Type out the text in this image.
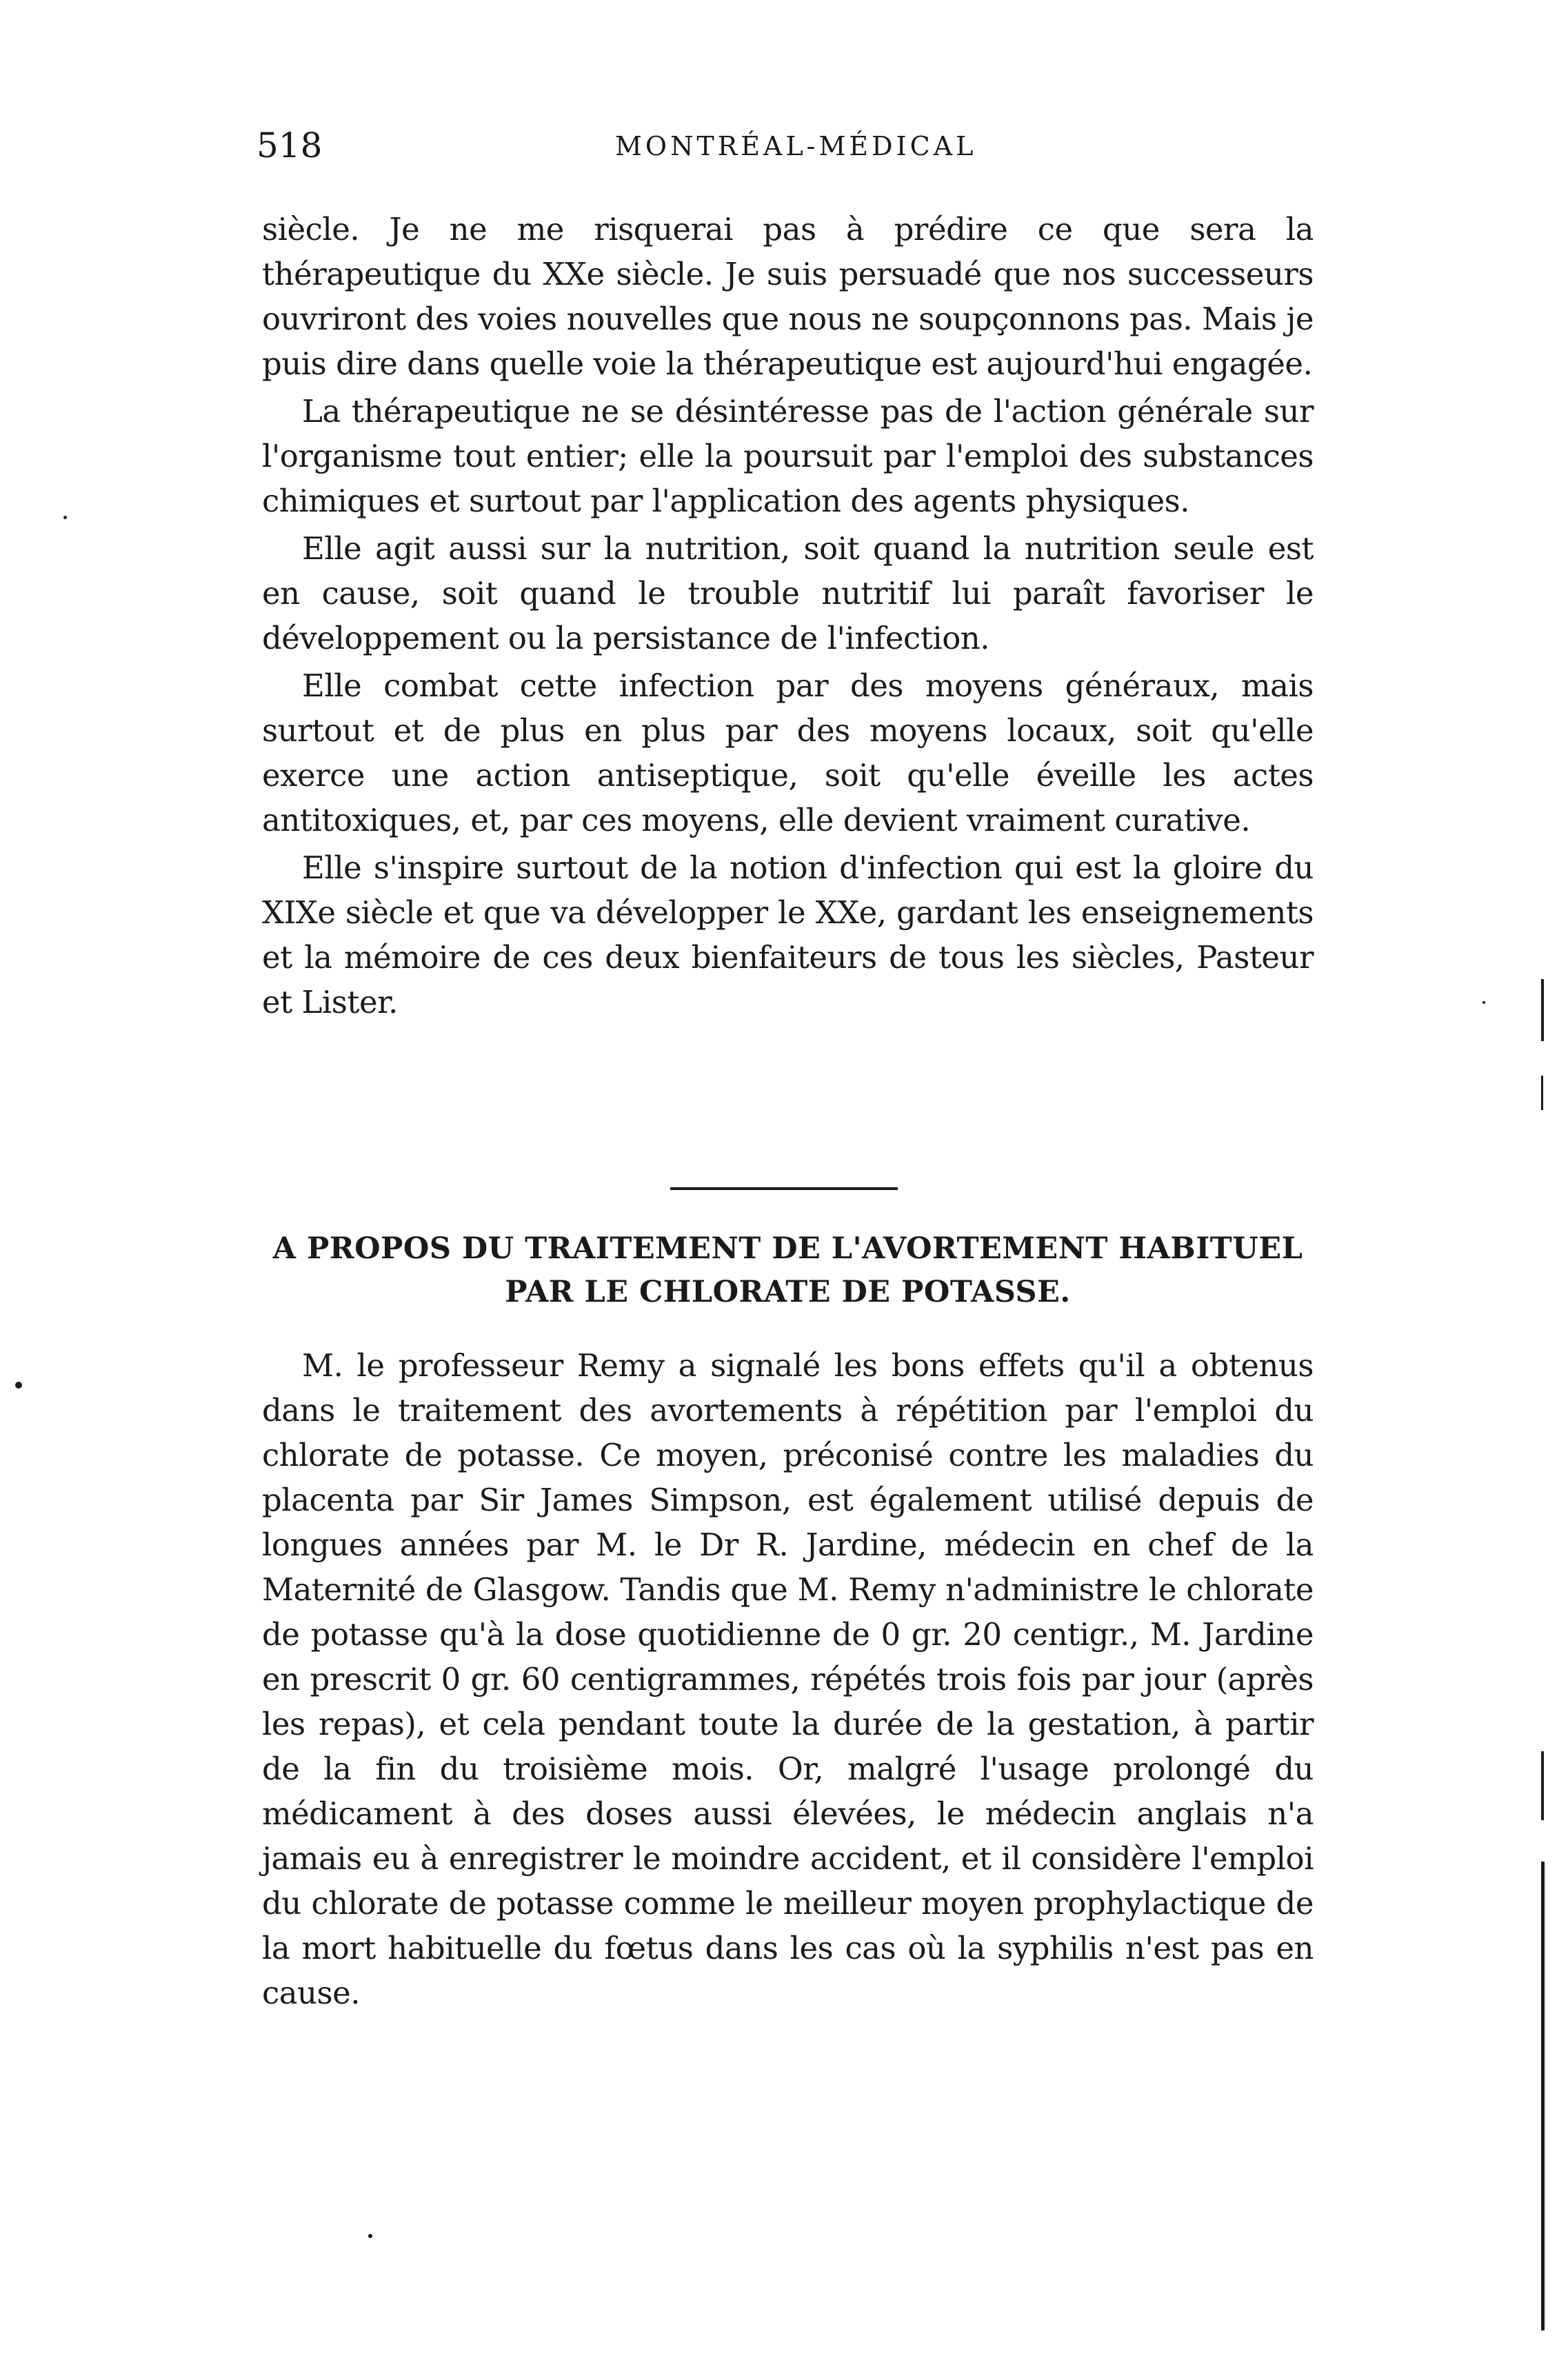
518	MONTRÉAL-MÉDICAL

siècle. Je ne me risquerai pas à prédire ce que sera la thérapeutique du XXe siècle. Je suis persuadé que nos successeurs ouvriront des voies nouvelles que nous ne soupçonnons pas. Mais je puis dire dans quelle voie la thérapeutique est aujourd'hui engagée.

La thérapeutique ne se désintéresse pas de l'action générale sur l'organisme tout entier; elle la poursuit par l'emploi des substances chimiques et surtout par l'application des agents physiques.

Elle agit aussi sur la nutrition, soit quand la nutrition seule est en cause, soit quand le trouble nutritif lui paraît favoriser le développement ou la persistance de l'infection.

Elle combat cette infection par des moyens généraux, mais surtout et de plus en plus par des moyens locaux, soit qu'elle exerce une action antiseptique, soit qu'elle éveille les actes antitoxiques, et, par ces moyens, elle devient vraiment curative.

Elle s'inspire surtout de la notion d'infection qui est la gloire du XIXe siècle et que va développer le XXe, gardant les enseignements et la mémoire de ces deux bienfaiteurs de tous les siècles, Pasteur et Lister.

A PROPOS DU TRAITEMENT DE L'AVORTEMENT HABITUEL PAR LE CHLORATE DE POTASSE.

M. le professeur Remy a signalé les bons effets qu'il a obtenus dans le traitement des avortements à répétition par l'emploi du chlorate de potasse. Ce moyen, préconisé contre les maladies du placenta par Sir James Simpson, est également utilisé depuis de longues années par M. le Dr R. Jardine, médecin en chef de la Maternité de Glasgow. Tandis que M. Remy n'administre le chlorate de potasse qu'à la dose quotidienne de 0 gr. 20 centigr., M. Jardine en prescrit 0 gr. 60 centigrammes, répétés trois fois par jour (après les repas), et cela pendant toute la durée de la gestation, à partir de la fin du troisième mois. Or, malgré l'usage prolongé du médicament à des doses aussi élevées, le médecin anglais n'a jamais eu à enregistrer le moindre accident, et il considère l'emploi du chlorate de potasse comme le meilleur moyen prophylactique de la mort habituelle du fœtus dans les cas où la syphilis n'est pas en cause.
